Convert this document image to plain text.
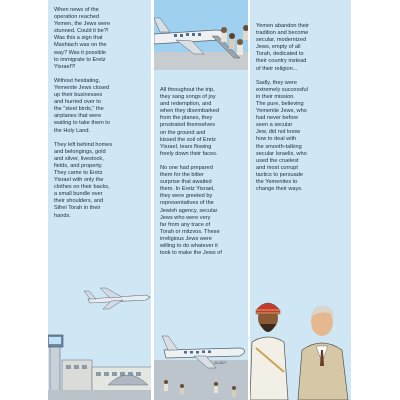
When news of the
operation reached
Yemen, the Jews were
stunned. Could it be?!
Was this a sign that
Mashiach was on the
way? Was it possible
to immigrate to Eretz
Yisrael?!

Without hesitating,
Yemenite Jews closed
up their businesses
and hurried over to
the "steel birds," the
airplanes that were
waiting to take them to
the Holy Land.

They left behind homes
and belongings, gold
and silver, livestock,
fields, and property.
They came to Eretz
Yisrael with only the
clothes on their backs,
a small bundle over
their shoulders, and
Sifrei Torah in their
hands.

All throughout the trip,
they sang songs of joy
and redemption, and
when they disembarked
from the planes, they
prostrated themselves
on the ground and
kissed the soil of Eretz
Yisrael, tears flowing
freely down their faces.

No one had prepared
them for the bitter
surprise that awaited
them. In Eretz Yisrael,
they were greeted by
representatives of the
Jewish agency, secular
Jews who were very
far from any trace of
Torah or mitzvos. These
irreligious Jews were
willing to do whatever it
took to make the Jews of

4X-ADY

Yemen abandon their
tradition and become
secular, modernized
Jews, empty of all
Torah, dedicated to
their country instead
of their religion...

Sadly, they were
extremely successful
in their mission.
The pure, believing
Yemenite Jews, who
had never before
seen a secular
Jew, did not know
how to deal with
the smooth-talking
secular Israelis, who
used the cruelest
and most corrupt
tactics to persuade
the Yemenites to
change their ways.
